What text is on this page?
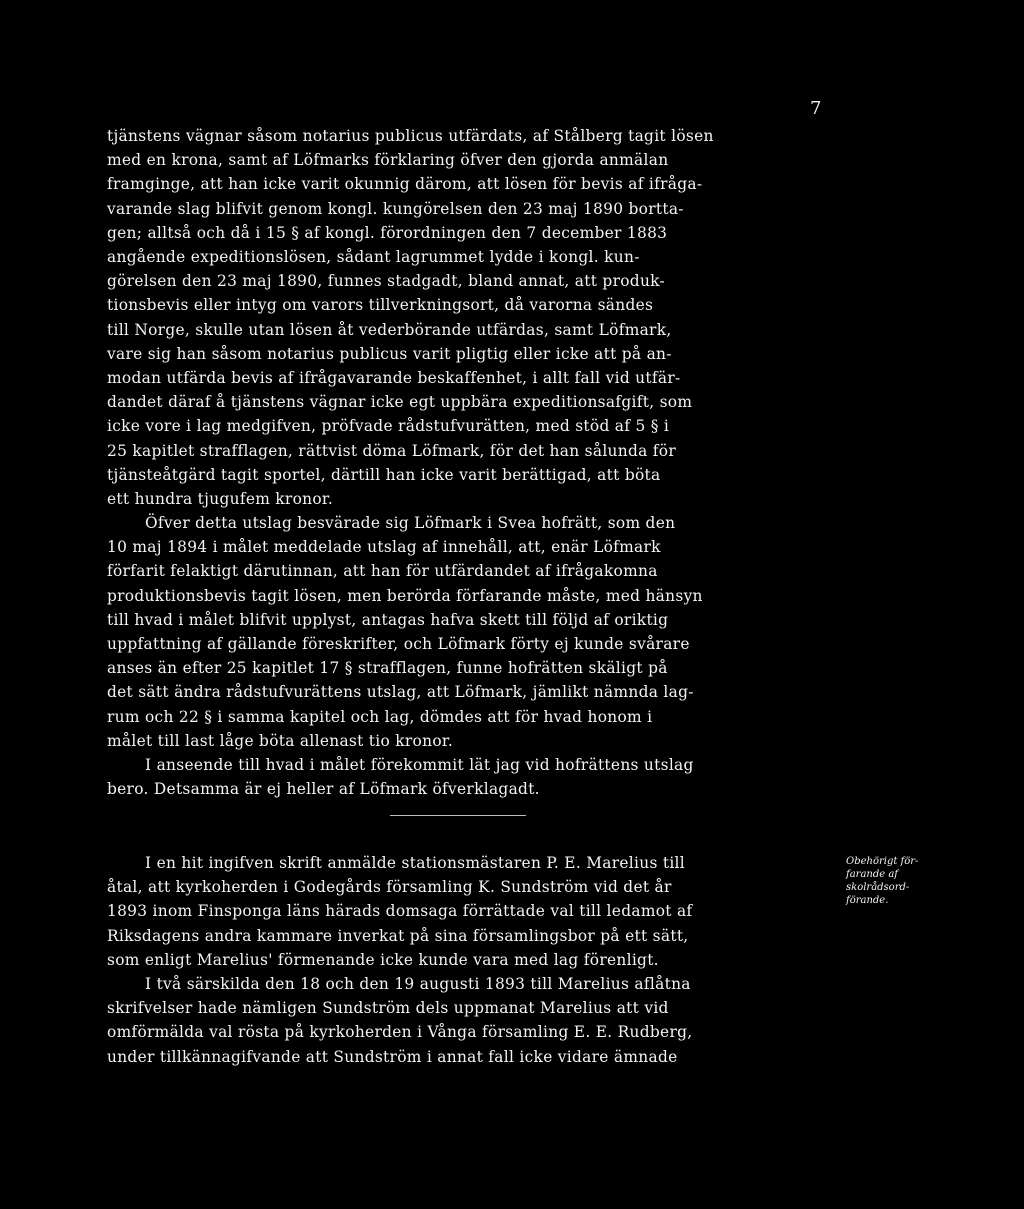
7
tjänstens vägnar såsom notarius publicus utfärdats, af Stålberg tagit lösen
med en krona, samt af Löfmarks förklaring öfver den gjorda anmälan
framginge, att han icke varit okunnig därom, att lösen för bevis af ifråga-
varande slag blifvit genom kongl. kungörelsen den 23 maj 1890 bortta-
gen; alltså och då i 15 § af kongl. förordningen den 7 december 1883
angående expeditionslösen, sådant lagrummet lydde i kongl. kun-
görelsen den 23 maj 1890, funnes stadgadt, bland annat, att produk-
tionsbevis eller intyg om varors tillverkningsort, då varorna sändes
till Norge, skulle utan lösen åt vederbörande utfärdas, samt Löfmark,
vare sig han såsom notarius publicus varit pligtig eller icke att på an-
modan utfärda bevis af ifrågavarande beskaffenhet, i allt fall vid utfär-
dandet däraf å tjänstens vägnar icke egt uppbära expeditionsafgift, som
icke vore i lag medgifven, pröfvade rådstufvurätten, med stöd af 5 § i
25 kapitlet strafflagen, rättvist döma Löfmark, för det han sålunda för
tjänsteåtgärd tagit sportel, därtill han icke varit berättigad, att böta
ett hundra tjugufem kronor.
Öfver detta utslag besvärade sig Löfmark i Svea hofrätt, som den
10 maj 1894 i målet meddelade utslag af innehåll, att, enär Löfmark
förfarit felaktigt därutinnan, att han för utfärdandet af ifrågakomna
produktionsbevis tagit lösen, men berörda förfarande måste, med hänsyn
till hvad i målet blifvit upplyst, antagas hafva skett till följd af oriktig
uppfattning af gällande föreskrifter, och Löfmark förty ej kunde svårare
anses än efter 25 kapitlet 17 § strafflagen, funne hofrätten skäligt på
det sätt ändra rådstufvurättens utslag, att Löfmark, jämlikt nämnda lag-
rum och 22 § i samma kapitel och lag, dömdes att för hvad honom i
målet till last låge böta allenast tio kronor.
I anseende till hvad i målet förekommit lät jag vid hofrättens utslag
bero. Detsamma är ej heller af Löfmark öfverklagadt.
I en hit ingifven skrift anmälde stationsmästaren P. E. Marelius till
åtal, att kyrkoherden i Godegårds församling K. Sundström vid det år
1893 inom Finsponga läns härads domsaga förrättade val till ledamot af
Riksdagens andra kammare inverkat på sina församlingsbor på ett sätt,
som enligt Marelius' förmenande icke kunde vara med lag förenligt.
I två särskilda den 18 och den 19 augusti 1893 till Marelius aflåtna
skrifvelser hade nämligen Sundström dels uppmanat Marelius att vid
omförmälda val rösta på kyrkoherden i Vånga församling E. E. Rudberg,
under tillkännagifvande att Sundström i annat fall icke vidare ämnade
Obehörigt för-
farande af
skolrådsord-
förande.
